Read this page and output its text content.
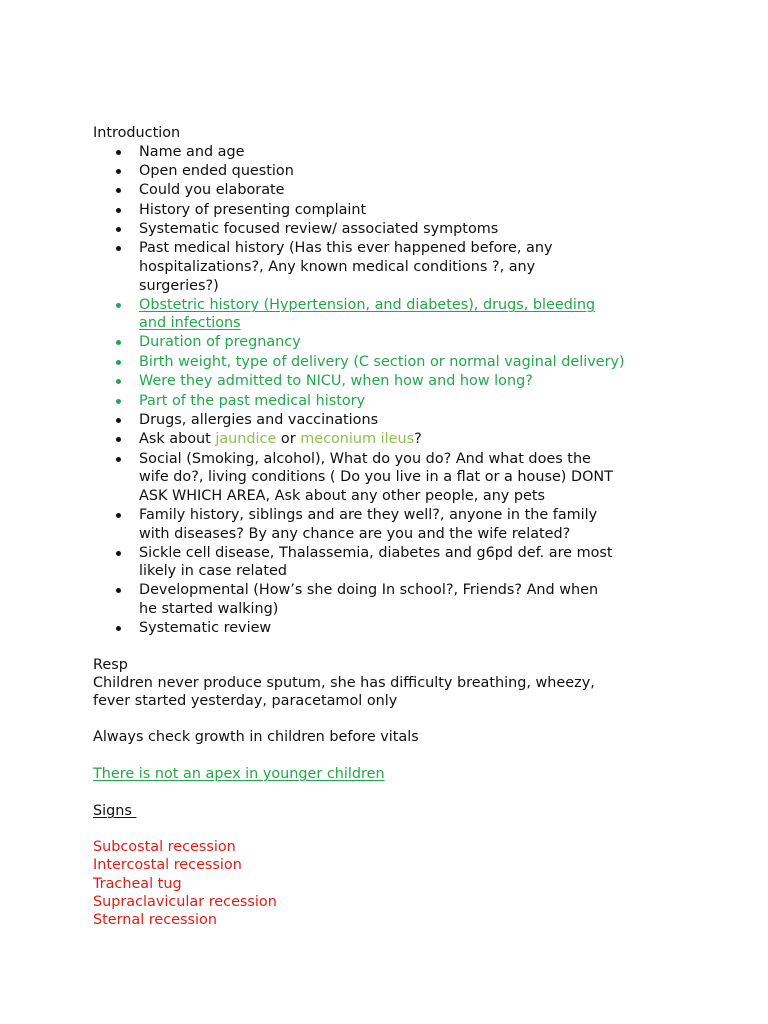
Introduction
Name and age
Open ended question
Could you elaborate
History of presenting complaint
Systematic focused review/ associated symptoms
Past medical history (Has this ever happened before, any
hospitalizations?, Any known medical conditions ?, any
surgeries?)
Obstetric history (Hypertension, and diabetes), drugs, bleeding
and infections
Duration of pregnancy
Birth weight, type of delivery (C section or normal vaginal delivery)
Were they admitted to NICU, when how and how long?
Part of the past medical history
Drugs, allergies and vaccinations
Ask about jaundice or meconium ileus?
Social (Smoking, alcohol), What do you do? And what does the
wife do?, living conditions ( Do you live in a flat or a house) DONT
ASK WHICH AREA, Ask about any other people, any pets
Family history, siblings and are they well?, anyone in the family
with diseases? By any chance are you and the wife related?
Sickle cell disease, Thalassemia, diabetes and g6pd def. are most
likely in case related
Developmental (How’s she doing In school?, Friends? And when
he started walking)
Systematic review
Resp
Children never produce sputum, she has difficulty breathing, wheezy,
fever started yesterday, paracetamol only
Always check growth in children before vitals
There is not an apex in younger children
Signs
Subcostal recession
Intercostal recession
Tracheal tug
Supraclavicular recession
Sternal recession
